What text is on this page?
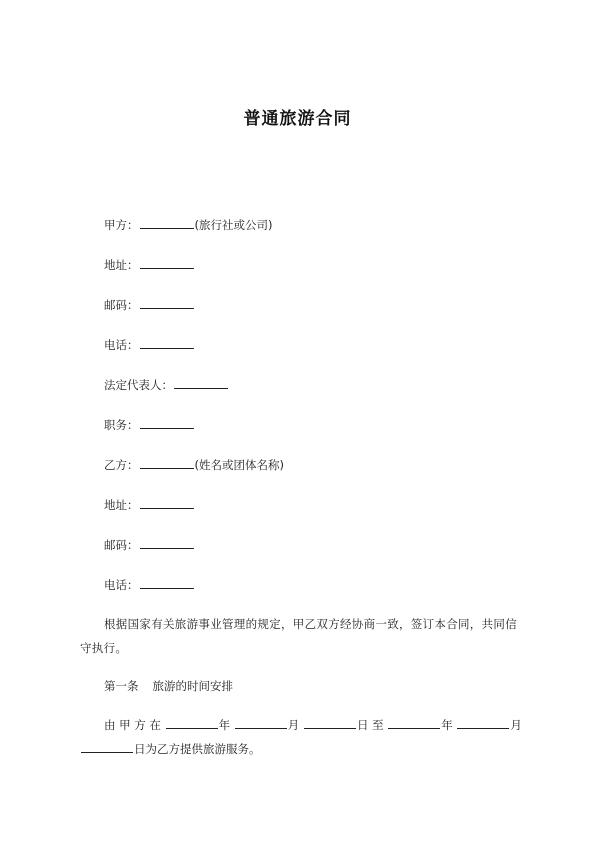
普通旅游合同
甲方：	(旅行社或公司)
地址：
邮码：
电话：
法定代表人：
职务：
乙方：	(姓名或团体名称)
地址：
邮码：
电话：
根据国家有关旅游事业管理的规定，甲乙双方经协商一致，签订本合同，共同信守执行。
第一条 旅游的时间安排
由 甲 方 在	年	月	日 至	年	月
日为乙方提供旅游服务。
